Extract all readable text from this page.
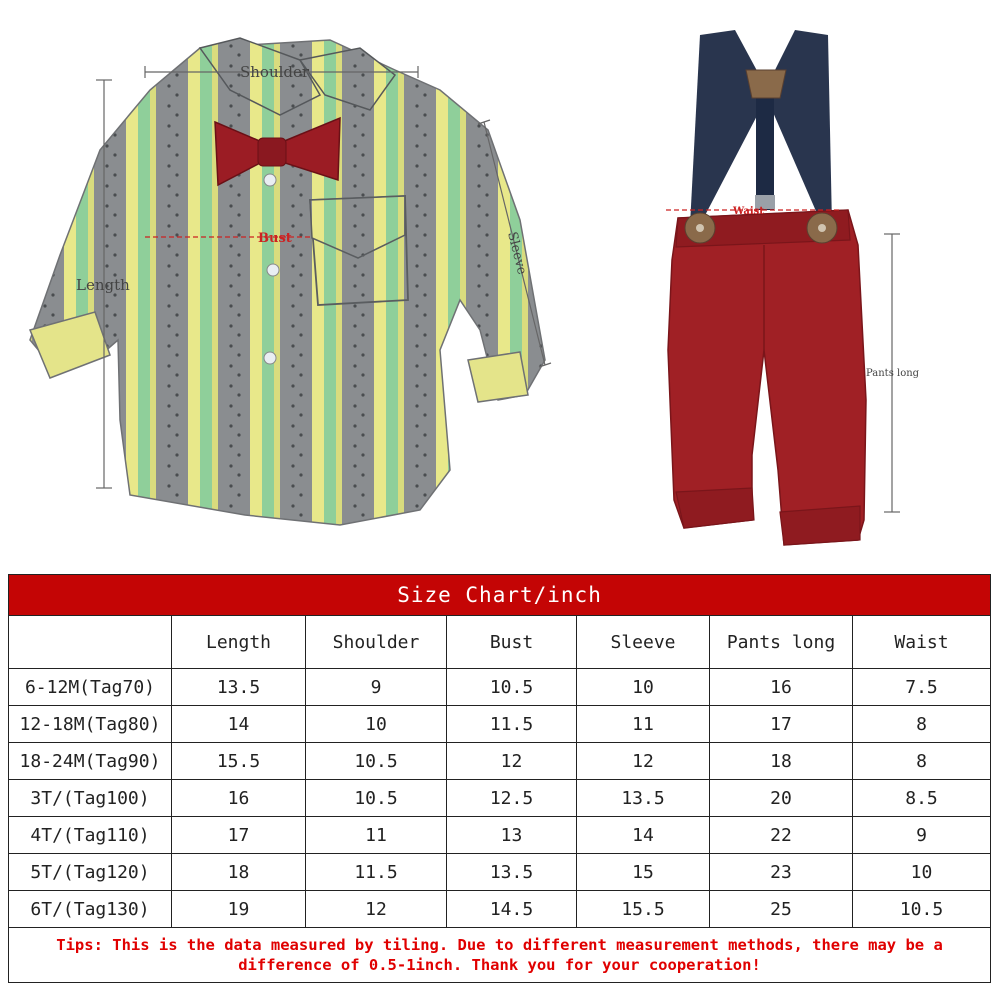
Shoulder
Bust
Length
Sleeve
Waist
Pants long
Size Chart/inch						
	Length	Shoulder	Bust	Sleeve	Pants long	Waist
6-12M(Tag70)	13.5	9	10.5	10	16	7.5
12-18M(Tag80)	14	10	11.5	11	17	8
18-24M(Tag90)	15.5	10.5	12	12	18	8
3T/(Tag100)	16	10.5	12.5	13.5	20	8.5
4T/(Tag110)	17	11	13	14	22	9
5T/(Tag120)	18	11.5	13.5	15	23	10
6T/(Tag130)	19	12	14.5	15.5	25	10.5
Tips: This is the data measured by tiling. Due to different measurement methods, there may be a difference of 0.5-1inch. Thank you for your cooperation!						
